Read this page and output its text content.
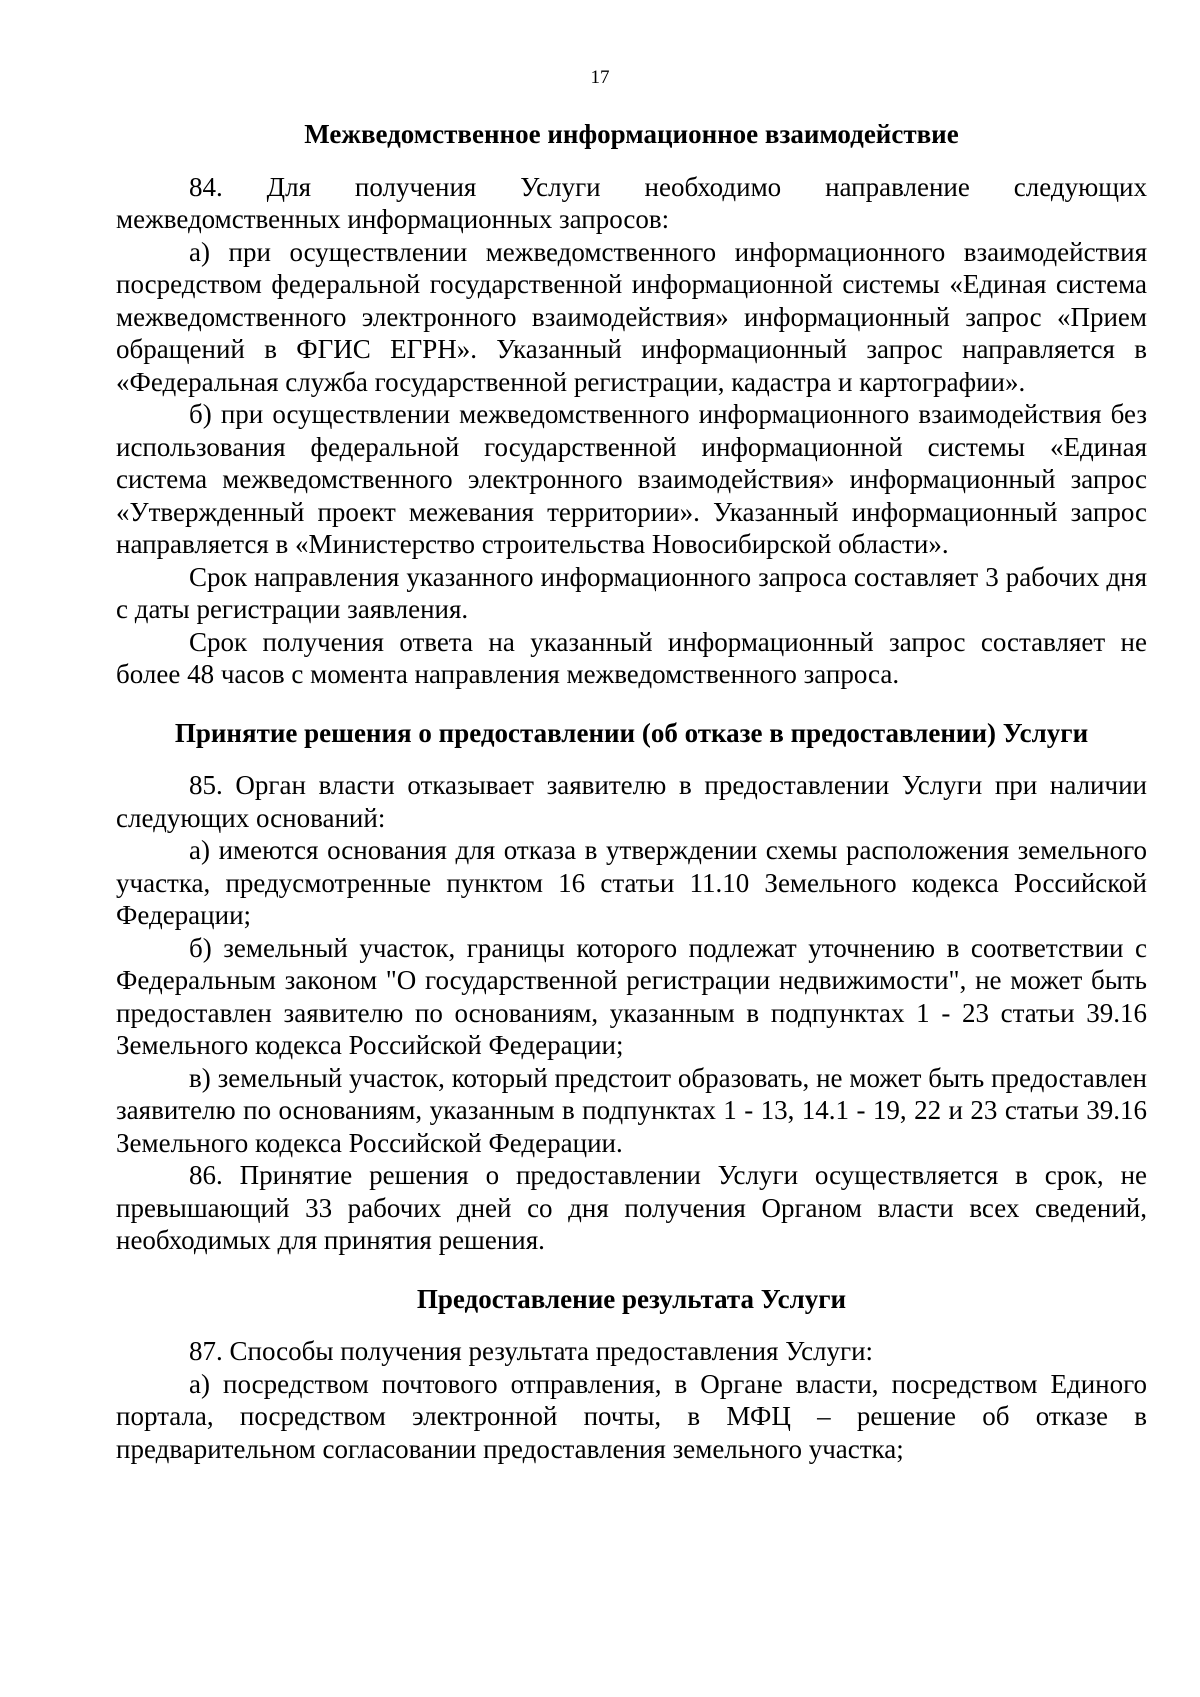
17
Межведомственное информационное взаимодействие

84. Для получения Услуги необходимо направление следующих межведомственных информационных запросов:

а) при осуществлении межведомственного информационного взаимодействия посредством федеральной государственной информационной системы «Единая система межведомственного электронного взаимодействия» информационный запрос «Прием обращений в ФГИС ЕГРН». Указанный информационный запрос направляется в «Федеральная служба государственной регистрации, кадастра и картографии».

б) при осуществлении межведомственного информационного взаимодействия без использования федеральной государственной информационной системы «Единая система межведомственного электронного взаимодействия» информационный запрос «Утвержденный проект межевания территории». Указанный информационный запрос направляется в «Министерство строительства Новосибирской области».

Срок направления указанного информационного запроса составляет 3 рабочих дня с даты регистрации заявления.

Срок получения ответа на указанный информационный запрос составляет не более 48 часов с момента направления межведомственного запроса.

Принятие решения о предоставлении (об отказе в предоставлении) Услуги

85. Орган власти отказывает заявителю в предоставлении Услуги при наличии следующих оснований:

а) имеются основания для отказа в утверждении схемы расположения земельного участка, предусмотренные пунктом 16 статьи 11.10 Земельного кодекса Российской Федерации;

б) земельный участок, границы которого подлежат уточнению в соответствии с Федеральным законом "О государственной регистрации недвижимости", не может быть предоставлен заявителю по основаниям, указанным в подпунктах 1 - 23 статьи 39.16 Земельного кодекса Российской Федерации;

в) земельный участок, который предстоит образовать, не может быть предоставлен заявителю по основаниям, указанным в подпунктах 1 - 13, 14.1 - 19, 22 и 23 статьи 39.16 Земельного кодекса Российской Федерации.

86. Принятие решения о предоставлении Услуги осуществляется в срок, не превышающий 33 рабочих дней со дня получения Органом власти всех сведений, необходимых для принятия решения.

Предоставление результата Услуги

87. Способы получения результата предоставления Услуги:

а) посредством почтового отправления, в Органе власти, посредством Единого портала, посредством электронной почты, в МФЦ – решение об отказе в предварительном согласовании предоставления земельного участка;
